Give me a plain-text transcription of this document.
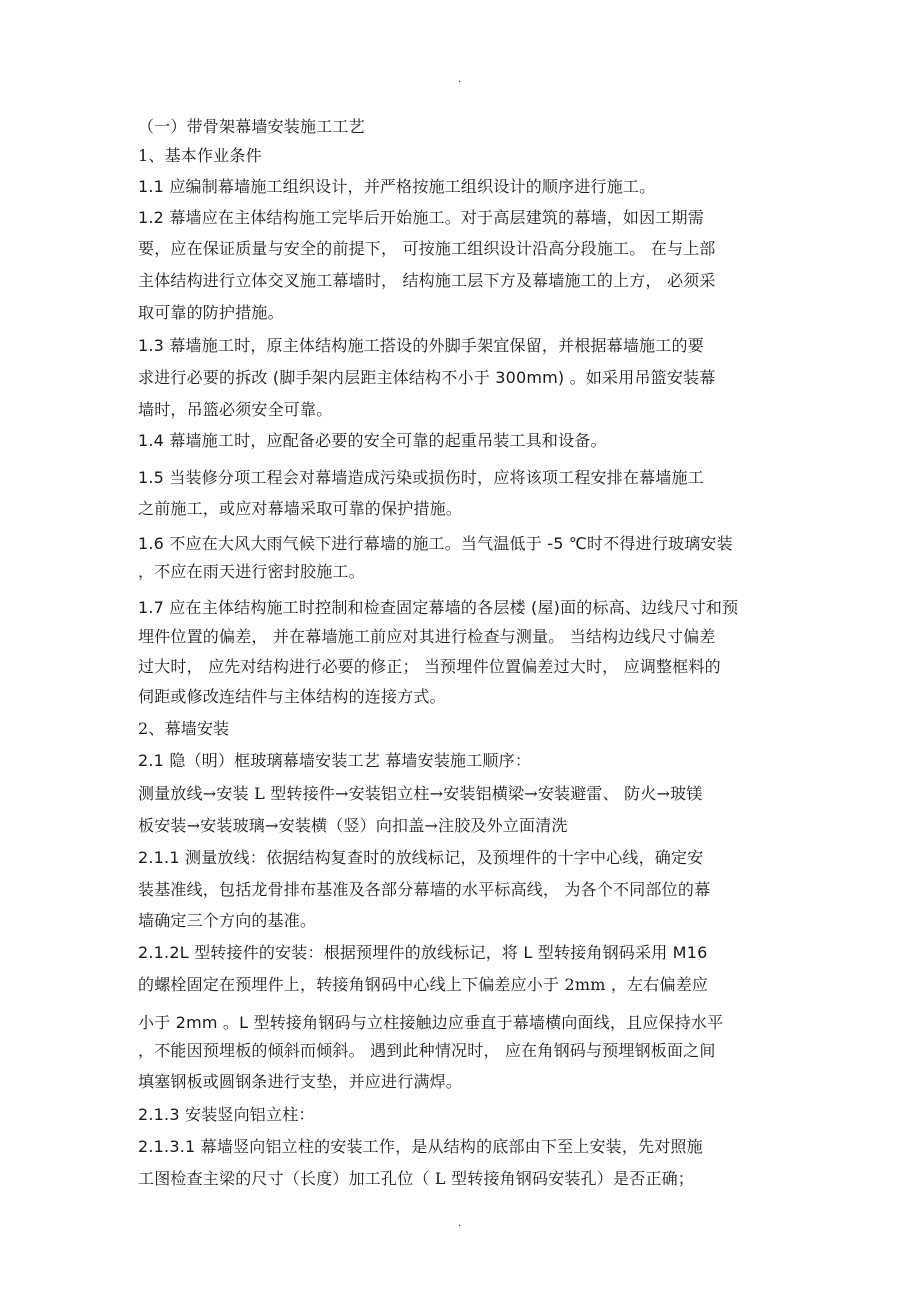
.
（一）带骨架幕墙安装施工工艺
1、基本作业条件
1.1 应编制幕墙施工组织设计，并严格按施工组织设计的顺序进行施工。
1.2 幕墙应在主体结构施工完毕后开始施工。对于高层建筑的幕墙，如因工期需
要，应在保证质量与安全的前提下， 可按施工组织设计沿高分段施工。 在与上部
主体结构进行立体交叉施工幕墙时， 结构施工层下方及幕墙施工的上方， 必须采
取可靠的防护措施。
1.3 幕墙施工时，原主体结构施工搭设的外脚手架宜保留，并根据幕墙施工的要
求进行必要的拆改 (脚手架内层距主体结构不小于 300mm) 。如采用吊篮安装幕
墙时，吊篮必须安全可靠。
1.4 幕墙施工时，应配备必要的安全可靠的起重吊装工具和设备。
1.5 当装修分项工程会对幕墙造成污染或损伤时，应将该项工程安排在幕墙施工
之前施工，或应对幕墙采取可靠的保护措施。
1.6 不应在大风大雨气候下进行幕墙的施工。当气温低于 -5 ℃时不得进行玻璃安装
，不应在雨天进行密封胶施工。
1.7 应在主体结构施工时控制和检查固定幕墙的各层楼 (屋)面的标高、边线尺寸和预
埋件位置的偏差， 并在幕墙施工前应对其进行检查与测量。 当结构边线尺寸偏差
过大时， 应先对结构进行必要的修正； 当预埋件位置偏差过大时， 应调整框料的
伺距或修改连结件与主体结构的连接方式。
2、幕墙安装
2.1 隐（明）框玻璃幕墙安装工艺 幕墙安装施工顺序：
测量放线→安装 L 型转接件→安装铝立柱→安装铝横梁→安装避雷、 防火→玻镁
板安装→安装玻璃→安装横（竖）向扣盖→注胶及外立面清洗
2.1.1 测量放线：依据结构复查时的放线标记，及预埋件的十字中心线，确定安
装基准线，包括龙骨排布基准及各部分幕墙的水平标高线， 为各个不同部位的幕
墙确定三个方向的基准。
2.1.2L 型转接件的安装：根据预埋件的放线标记，将 L 型转接角钢码采用 M16
的螺栓固定在预埋件上，转接角钢码中心线上下偏差应小于 2mm ，左右偏差应
小于 2mm 。L 型转接角钢码与立柱接触边应垂直于幕墙横向面线，且应保持水平
，不能因预埋板的倾斜而倾斜。 遇到此种情况时， 应在角钢码与预埋钢板面之间
填塞钢板或圆钢条进行支垫，并应进行满焊。
2.1.3 安装竖向铝立柱：
2.1.3.1 幕墙竖向铝立柱的安装工作，是从结构的底部由下至上安装，先对照施
工图检查主梁的尺寸（长度）加工孔位（ L 型转接角钢码安装孔）是否正确；
.
